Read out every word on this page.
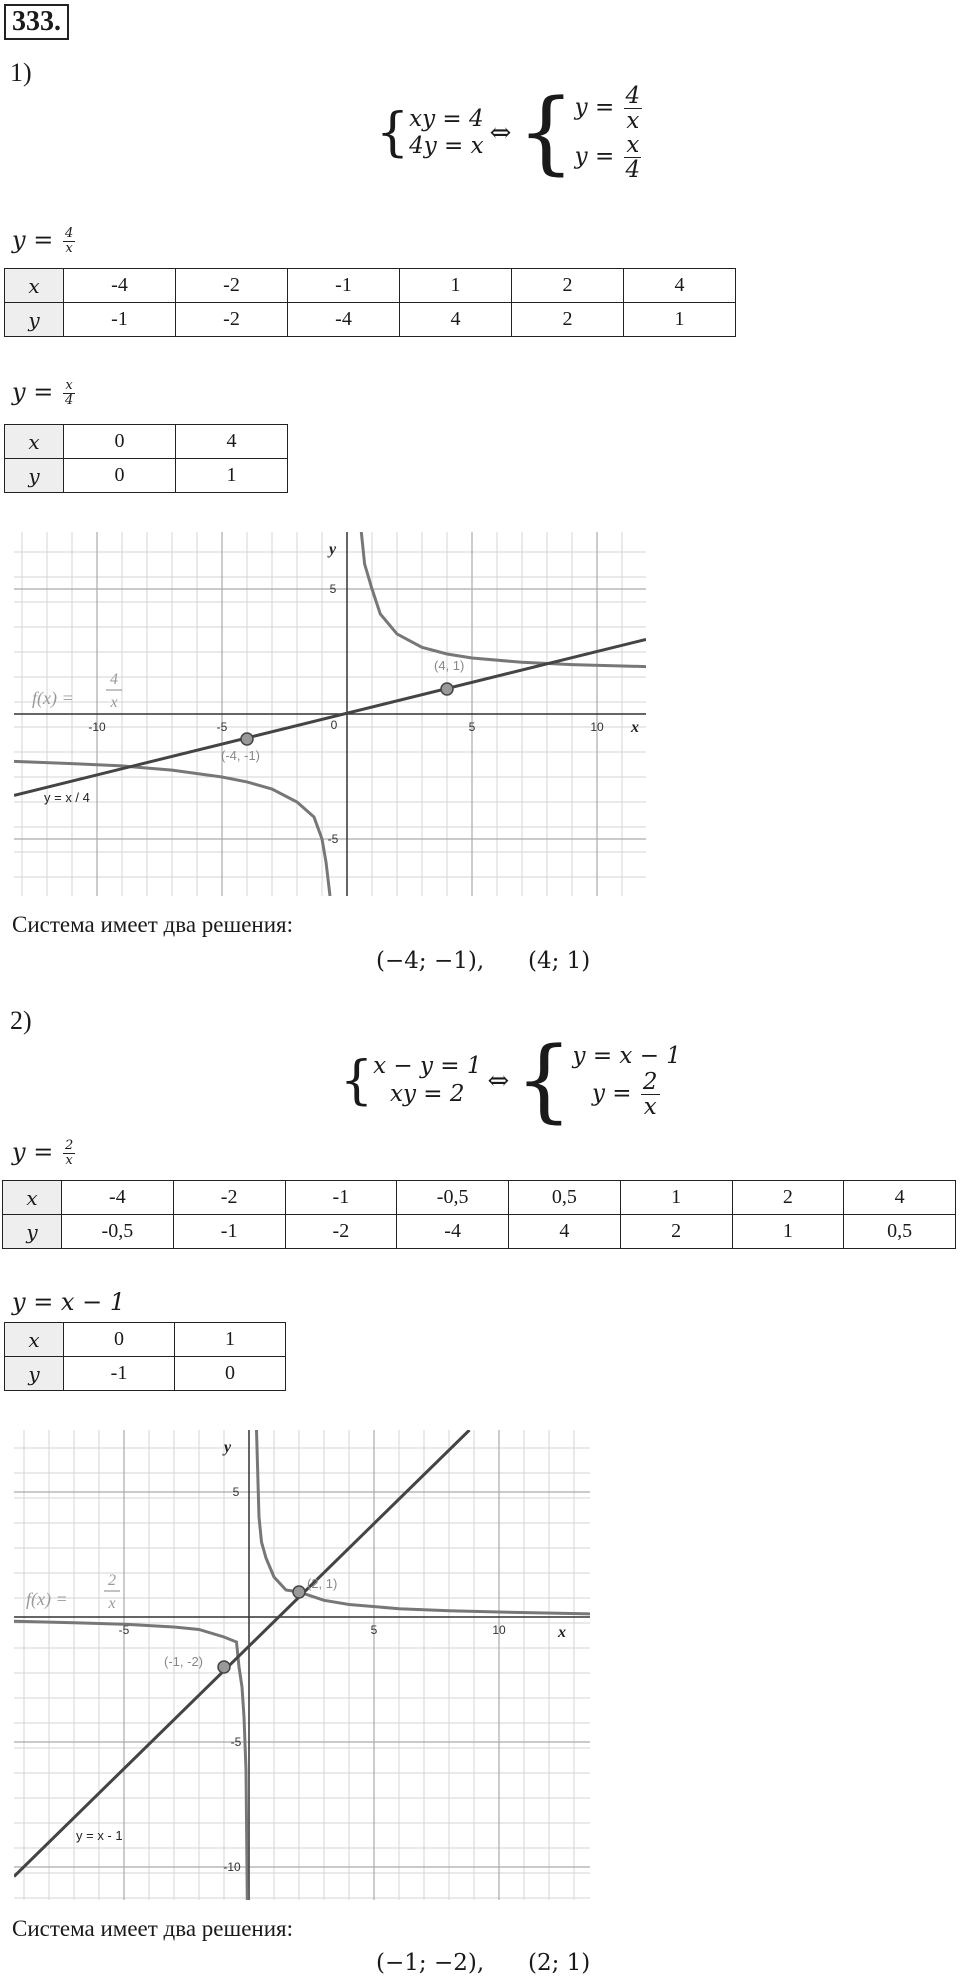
333.
1)
{ xy = 4
4y = x ⇔ { $y = \frac{4}{x}$
$y = \frac{x}{4}$
$y = \frac{4}{x}$
x	-4	-2	-1	1	2	4
y	-1	-2	-4	4	2	1
$y = \frac{x}{4}$
x	0	4
y	0	1
-10	-5	5	10
5
-5
0	x
y
(4, 1)
(-4, -1)
y = x / 4
f(x) =
4
x
Система имеет два решения:
(−4; −1), (4; 1)
2)
{ x − y = 1
xy = 2 ⇔ { y = x − 1
$y = \frac{2}{x}$
$y = \frac{2}{x}$
x	-4	-2	-1	-0,5	0,5	1	2	4
y	-0,5	-1	-2	-4	4	2	1	0,5
y = x − 1
x	0	1
y	-1	0
-5	5	10
5
-5
-10
x
y
(2, 1)
(-1, -2)
y = x - 1
f(x) =
2
x
Система имеет два решения:
(−1; −2), (2; 1)
